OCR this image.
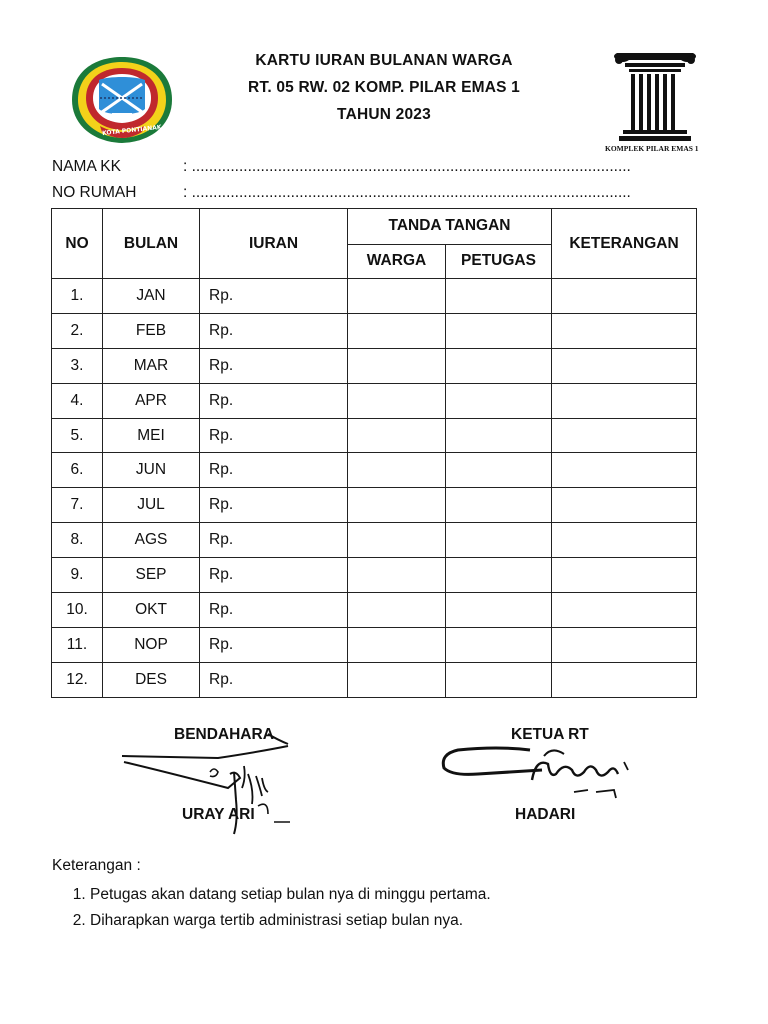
KOTA PONTIANAK
KARTU IURAN BULANAN WARGA
RT. 05 RW. 02 KOMP. PILAR EMAS 1
TAHUN 2023
KOMPLEK PILAR EMAS 1
NAMA KK	: ......................................................................................................
NO RUMAH	: ......................................................................................................
NO	BULAN	IURAN	TANDA TANGAN		KETERANGAN
			WARGA	PETUGAS	
1.	JAN	Rp.			
2.	FEB	Rp.			
3.	MAR	Rp.			
4.	APR	Rp.			
5.	MEI	Rp.			
6.	JUN	Rp.			
7.	JUL	Rp.			
8.	AGS	Rp.			
9.	SEP	Rp.			
10.	OKT	Rp.			
11.	NOP	Rp.			
12.	DES	Rp.			
BENDAHARA	KETUA RT
URAY ARI	HADARI
Keterangan :
1. Petugas akan datang setiap bulan nya di minggu pertama.
2. Diharapkan warga tertib administrasi setiap bulan nya.
